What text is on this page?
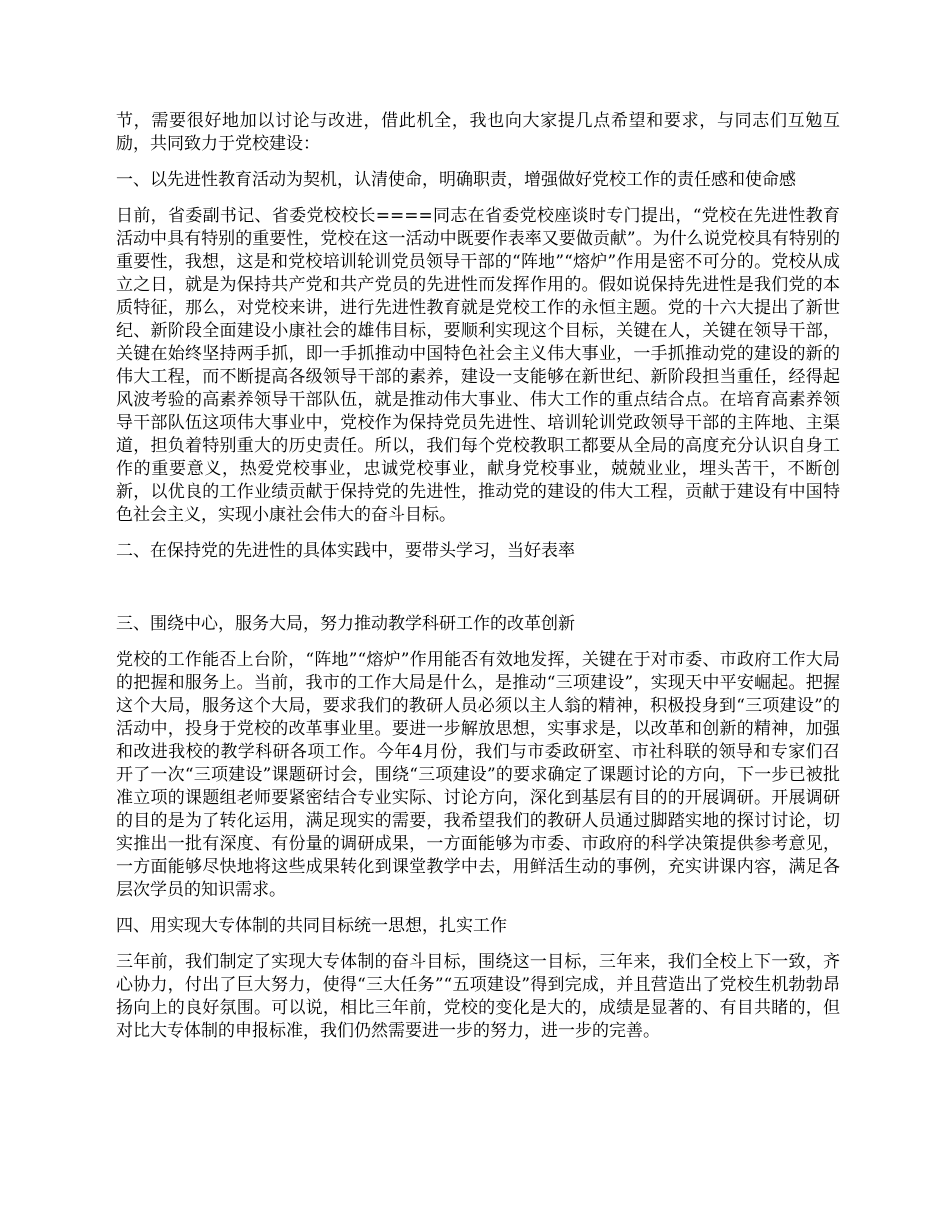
节，需要很好地加以讨论与改进，借此机全，我也向大家提几点希望和要求，与同志们互勉互励，共同致力于党校建设：

一、以先进性教育活动为契机，认清使命，明确职责，增强做好党校工作的责任感和使命感

日前，省委副书记、省委党校校长====同志在省委党校座谈时专门提出，“党校在先进性教育活动中具有特别的重要性，党校在这一活动中既要作表率又要做贡献”。为什么说党校具有特别的重要性，我想，这是和党校培训轮训党员领导干部的“阵地”“熔炉”作用是密不可分的。党校从成立之日，就是为保持共产党和共产党员的先进性而发挥作用的。假如说保持先进性是我们党的本质特征，那么，对党校来讲，进行先进性教育就是党校工作的永恒主题。党的十六大提出了新世纪、新阶段全面建设小康社会的雄伟目标，要顺利实现这个目标，关键在人，关键在领导干部，关键在始终坚持两手抓，即一手抓推动中国特色社会主义伟大事业，一手抓推动党的建设的新的伟大工程，而不断提高各级领导干部的素养，建设一支能够在新世纪、新阶段担当重任，经得起风波考验的高素养领导干部队伍，就是推动伟大事业、伟大工作的重点结合点。在培育高素养领导干部队伍这项伟大事业中，党校作为保持党员先进性、培训轮训党政领导干部的主阵地、主渠道，担负着特别重大的历史责任。所以，我们每个党校教职工都要从全局的高度充分认识自身工作的重要意义，热爱党校事业，忠诚党校事业，献身党校事业，兢兢业业，埋头苦干，不断创新，以优良的工作业绩贡献于保持党的先进性，推动党的建设的伟大工程，贡献于建设有中国特色社会主义，实现小康社会伟大的奋斗目标。

二、在保持党的先进性的具体实践中，要带头学习，当好表率

三、围绕中心，服务大局，努力推动教学科研工作的改革创新

党校的工作能否上台阶，“阵地”“熔炉”作用能否有效地发挥，关键在于对市委、市政府工作大局的把握和服务上。当前，我市的工作大局是什么，是推动“三项建设”，实现天中平安崛起。把握这个大局，服务这个大局，要求我们的教研人员必须以主人翁的精神，积极投身到“三项建设”的活动中，投身于党校的改革事业里。要进一步解放思想，实事求是，以改革和创新的精神，加强和改进我校的教学科研各项工作。今年4月份，我们与市委政研室、市社科联的领导和专家们召开了一次“三项建设”课题研讨会，围绕“三项建设”的要求确定了课题讨论的方向，下一步已被批准立项的课题组老师要紧密结合专业实际、讨论方向，深化到基层有目的的开展调研。开展调研的目的是为了转化运用，满足现实的需要，我希望我们的教研人员通过脚踏实地的探讨讨论，切实推出一批有深度、有份量的调研成果，一方面能够为市委、市政府的科学决策提供参考意见，一方面能够尽快地将这些成果转化到课堂教学中去，用鲜活生动的事例，充实讲课内容，满足各层次学员的知识需求。

四、用实现大专体制的共同目标统一思想，扎实工作

三年前，我们制定了实现大专体制的奋斗目标，围绕这一目标，三年来，我们全校上下一致，齐心协力，付出了巨大努力，使得“三大任务”“五项建设”得到完成，并且营造出了党校生机勃勃昂扬向上的良好氛围。可以说，相比三年前，党校的变化是大的，成绩是显著的、有目共睹的，但对比大专体制的申报标准，我们仍然需要进一步的努力，进一步的完善。
